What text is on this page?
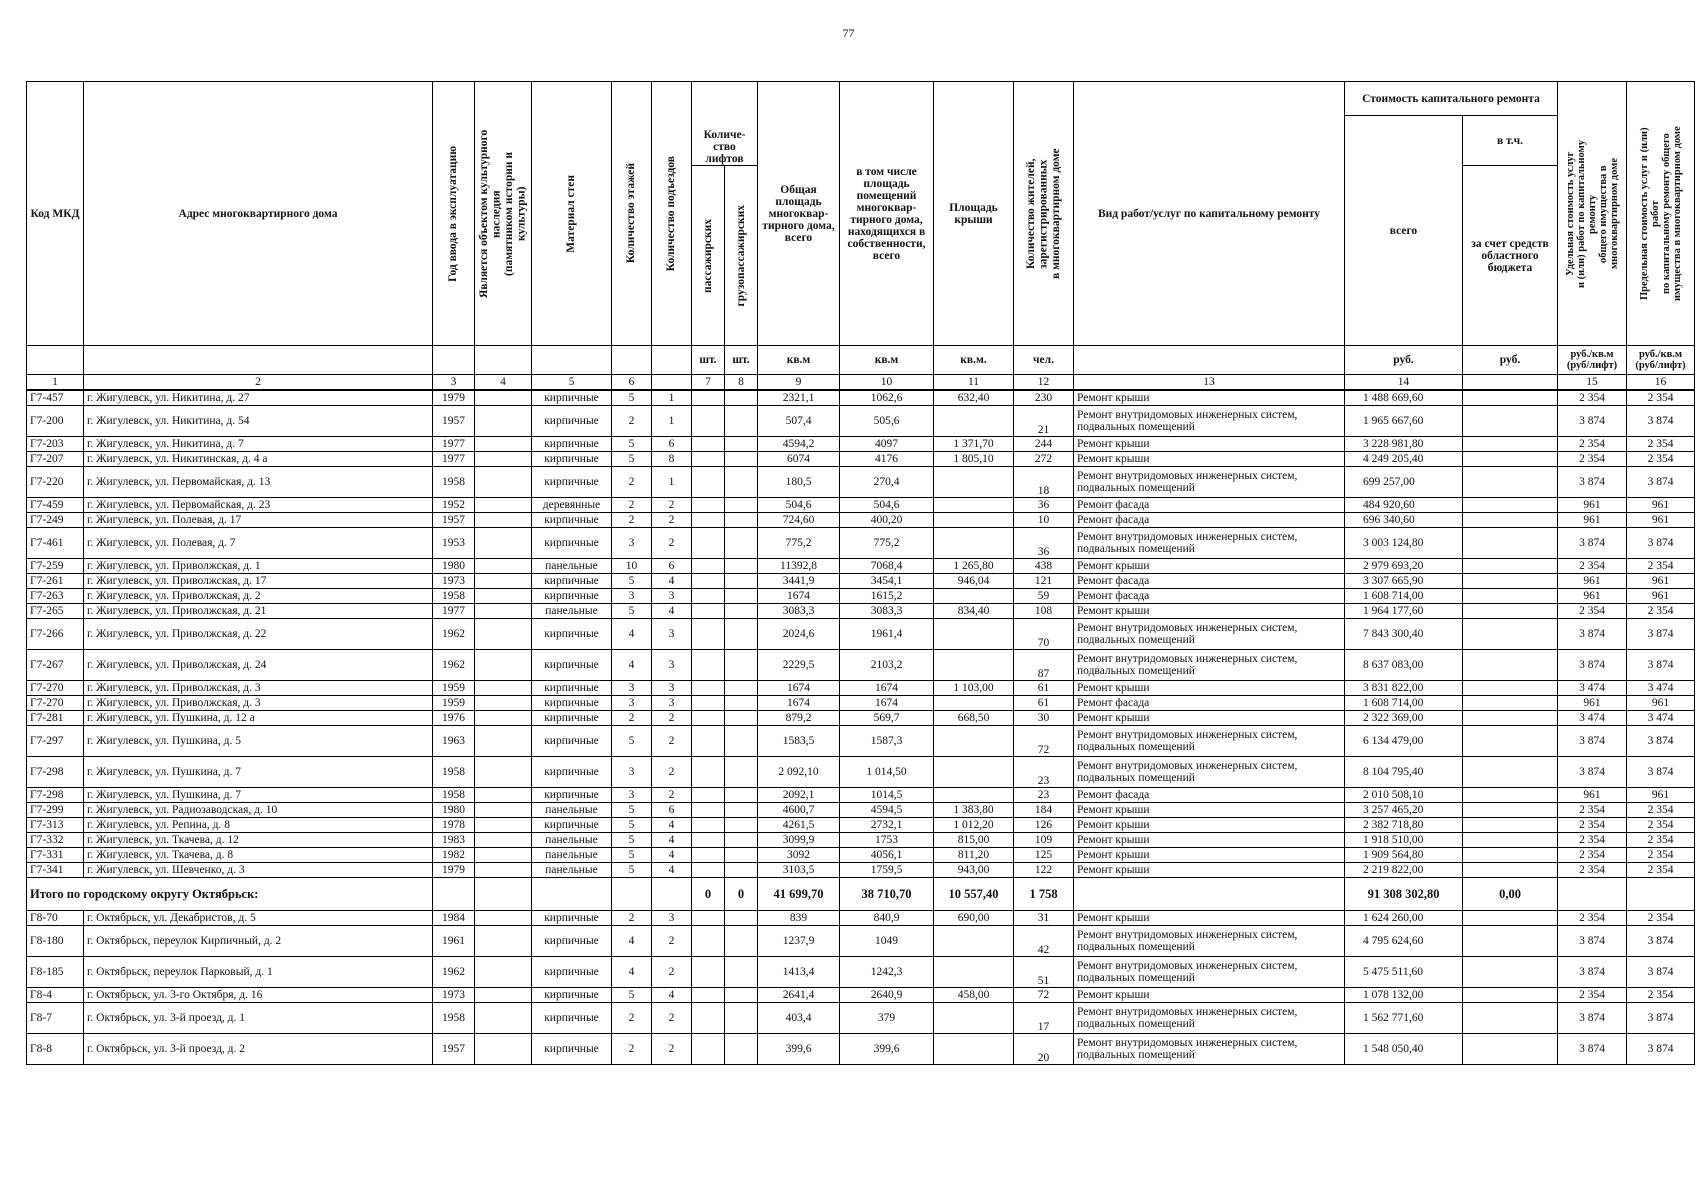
77
Код МКД	Адрес многоквартирного дома	Год ввода в эксплуатацию	Является объектом культурного наследия
(памятником истории и культуры)	Материал стен	Количество этажей	Количество подъездов	Количе-ство лифтов		Общая площадь многоквар-тирного дома, всего	в том числе площадь помещений многоквар-тирного дома, находящихся в собственности, всего	Площадь крыши	Количество жителей, зарегистрированных
в многоквартирном доме	Вид работ/услуг по капитальному ремонту	Стоимость капитального ремонта		Удельная стоимость услуг
и (или) работ по капитальному ремонту
общего имущества в многоквартирном доме	Предельная стоимость услуг и (или) работ
по капитальному ремонту общего
имущества в многоквартирном доме

														всего	в т.ч.		

							пассажирских	грузопассажирских							за счет средств областного бюджета		
							шт.	шт.	кв.м	кв.м	кв.м.	чел.		руб.	руб.	руб./кв.м (руб/лифт)	руб./кв.м (руб/лифт)
1	2	3	4	5	6		7	8	9	10	11	12	13	14		15	16
Г7-457	г. Жигулевск, ул. Никитина, д. 27	1979		кирпичные	5	1			2321,1	1062,6	632,40	230	Ремонт крыши	1 488 669,60		2 354	2 354
Г7-200	г. Жигулевск, ул. Никитина, д. 54	1957		кирпичные	2	1			507,4	505,6		21	Ремонт внутридомовых инженерных систем, подвальных помещений	1 965 667,60		3 874	3 874
Г7-203	г. Жигулевск, ул. Никитина, д. 7	1977		кирпичные	5	6			4594,2	4097	1 371,70	244	Ремонт крыши	3 228 981,80		2 354	2 354
Г7-207	г. Жигулевск, ул. Никитинская, д. 4 а	1977		кирпичные	5	8			6074	4176	1 805,10	272	Ремонт крыши	4 249 205,40		2 354	2 354
Г7-220	г. Жигулевск, ул. Первомайская, д. 13	1958		кирпичные	2	1			180,5	270,4		18	Ремонт внутридомовых инженерных систем, подвальных помещений	699 257,00		3 874	3 874
Г7-459	г. Жигулевск, ул. Первомайская, д. 23	1952		деревянные	2	2			504,6	504,6		36	Ремонт фасада	484 920,60		961	961
Г7-249	г. Жигулевск, ул. Полевая, д. 17	1957		кирпичные	2	2			724,60	400,20		10	Ремонт фасада	696 340,60		961	961
Г7-461	г. Жигулевск, ул. Полевая, д. 7	1953		кирпичные	3	2			775,2	775,2		36	Ремонт внутридомовых инженерных систем, подвальных помещений	3 003 124,80		3 874	3 874
Г7-259	г. Жигулевск, ул. Приволжская, д. 1	1980		панельные	10	6			11392,8	7068,4	1 265,80	438	Ремонт крыши	2 979 693,20		2 354	2 354
Г7-261	г. Жигулевск, ул. Приволжская, д. 17	1973		кирпичные	5	4			3441,9	3454,1	946,04	121	Ремонт фасада	3 307 665,90		961	961
Г7-263	г. Жигулевск, ул. Приволжская, д. 2	1958		кирпичные	3	3			1674	1615,2		59	Ремонт фасада	1 608 714,00		961	961
Г7-265	г. Жигулевск, ул. Приволжская, д. 21	1977		панельные	5	4			3083,3	3083,3	834,40	108	Ремонт крыши	1 964 177,60		2 354	2 354
Г7-266	г. Жигулевск, ул. Приволжская, д. 22	1962		кирпичные	4	3			2024,6	1961,4		70	Ремонт внутридомовых инженерных систем, подвальных помещений	7 843 300,40		3 874	3 874
Г7-267	г. Жигулевск, ул. Приволжская, д. 24	1962		кирпичные	4	3			2229,5	2103,2		87	Ремонт внутридомовых инженерных систем, подвальных помещений	8 637 083,00		3 874	3 874
Г7-270	г. Жигулевск, ул. Приволжская, д. 3	1959		кирпичные	3	3			1674	1674	1 103,00	61	Ремонт крыши	3 831 822,00		3 474	3 474
Г7-270	г. Жигулевск, ул. Приволжская, д. 3	1959		кирпичные	3	3			1674	1674		61	Ремонт фасада	1 608 714,00		961	961
Г7-281	г. Жигулевск, ул. Пушкина, д. 12 а	1976		кирпичные	2	2			879,2	569,7	668,50	30	Ремонт крыши	2 322 369,00		3 474	3 474
Г7-297	г. Жигулевск, ул. Пушкина, д. 5	1963		кирпичные	5	2			1583,5	1587,3		72	Ремонт внутридомовых инженерных систем, подвальных помещений	6 134 479,00		3 874	3 874
Г7-298	г. Жигулевск, ул. Пушкина, д. 7	1958		кирпичные	3	2			2 092,10	1 014,50		23	Ремонт внутридомовых инженерных систем, подвальных помещений	8 104 795,40		3 874	3 874
Г7-298	г. Жигулевск, ул. Пушкина, д. 7	1958		кирпичные	3	2			2092,1	1014,5		23	Ремонт фасада	2 010 508,10		961	961
Г7-299	г. Жигулевск, ул. Радиозаводская, д. 10	1980		панельные	5	6			4600,7	4594,5	1 383,80	184	Ремонт крыши	3 257 465,20		2 354	2 354
Г7-313	г. Жигулевск, ул. Репина, д. 8	1978		кирпичные	5	4			4261,5	2732,1	1 012,20	126	Ремонт крыши	2 382 718,80		2 354	2 354
Г7-332	г. Жигулевск, ул. Ткачева, д. 12	1983		панельные	5	4			3099,9	1753	815,00	109	Ремонт крыши	1 918 510,00		2 354	2 354
Г7-331	г. Жигулевск, ул. Ткачева, д. 8	1982		панельные	5	4			3092	4056,1	811,20	125	Ремонт крыши	1 909 564,80		2 354	2 354
Г7-341	г. Жигулевск, ул. Шевченко, д. 3	1979		панельные	5	4			3103,5	1759,5	943,00	122	Ремонт крыши	2 219 822,00		2 354	2 354
Итого по городскому округу Октябрьск:							0	0	41 699,70	38 710,70	10 557,40	1 758		91 308 302,80	0,00		
Г8-70	г. Октябрьск, ул. Декабристов, д. 5	1984		кирпичные	2	3			839	840,9	690,00	31	Ремонт крыши	1 624 260,00		2 354	2 354
Г8-180	г. Октябрьск, переулок Кирпичный, д. 2	1961		кирпичные	4	2			1237,9	1049		42	Ремонт внутридомовых инженерных систем, подвальных помещений	4 795 624,60		3 874	3 874
Г8-185	г. Октябрьск, переулок Парковый, д. 1	1962		кирпичные	4	2			1413,4	1242,3		51	Ремонт внутридомовых инженерных систем, подвальных помещений	5 475 511,60		3 874	3 874
Г8-4	г. Октябрьск, ул. 3-го Октября, д. 16	1973		кирпичные	5	4			2641,4	2640,9	458,00	72	Ремонт крыши	1 078 132,00		2 354	2 354
Г8-7	г. Октябрьск, ул. 3-й проезд, д. 1	1958		кирпичные	2	2			403,4	379		17	Ремонт внутридомовых инженерных систем, подвальных помещений	1 562 771,60		3 874	3 874
Г8-8	г. Октябрьск, ул. 3-й проезд, д. 2	1957		кирпичные	2	2			399,6	399,6		20	Ремонт внутридомовых инженерных систем, подвальных помещений	1 548 050,40		3 874	3 874
